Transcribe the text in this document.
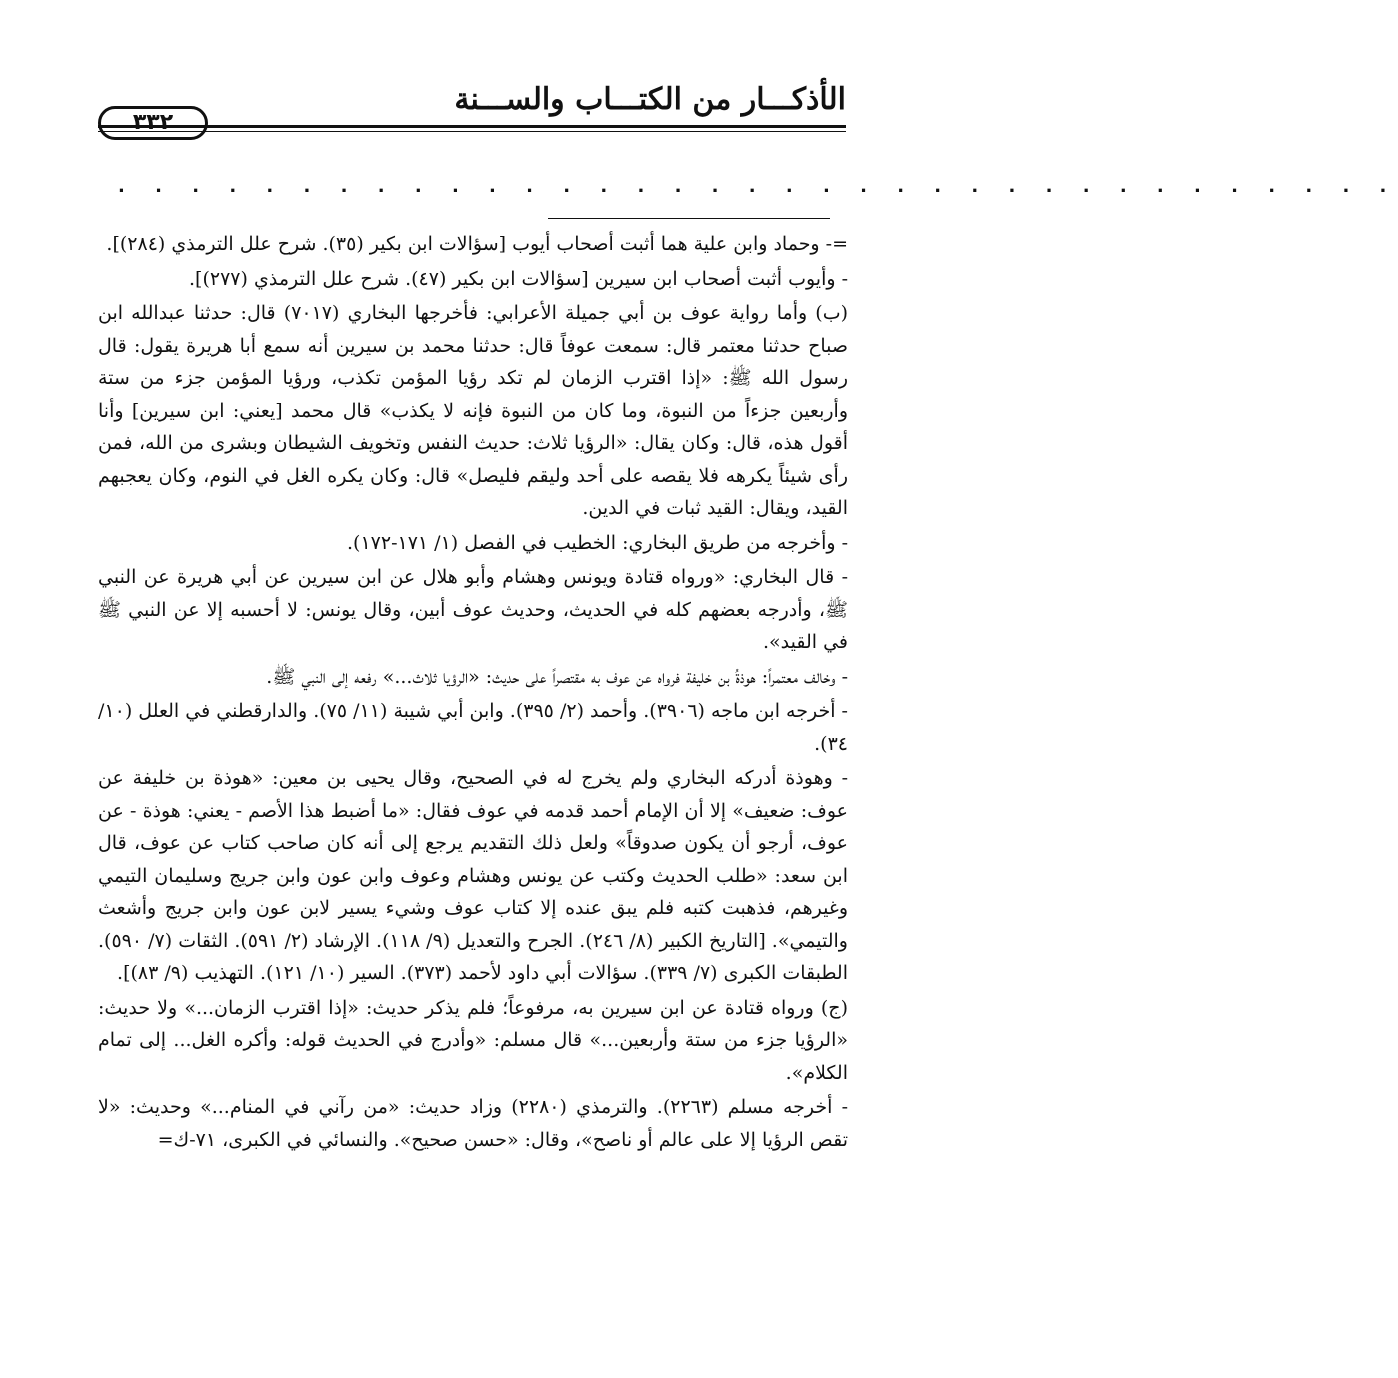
الأذكـــار من الكتـــاب والســـنة
٣٣٢
. . . . . . . . . . . . . . . . . . . . . . . . . . . . . . . . . . .

=- وحماد وابن علية هما أثبت أصحاب أيوب [سؤالات ابن بكير (٣٥). شرح علل الترمذي (٢٨٤)].

- وأيوب أثبت أصحاب ابن سيرين [سؤالات ابن بكير (٤٧). شرح علل الترمذي (٢٧٧)].

(ب) وأما رواية عوف بن أبي جميلة الأعرابي: فأخرجها البخاري (٧٠١٧) قال: حدثنا عبدالله ابن صباح حدثنا معتمر قال: سمعت عوفاً قال: حدثنا محمد بن سيرين أنه سمع أبا هريرة يقول: قال رسول الله ﷺ: «إذا اقترب الزمان لم تكد رؤيا المؤمن تكذب، ورؤيا المؤمن جزء من ستة وأربعين جزءاً من النبوة، وما كان من النبوة فإنه لا يكذب» قال محمد [يعني: ابن سيرين] وأنا أقول هذه، قال: وكان يقال: «الرؤيا ثلاث: حديث النفس وتخويف الشيطان وبشرى من الله، فمن رأى شيئاً يكرهه فلا يقصه على أحد وليقم فليصل» قال: وكان يكره الغل في النوم، وكان يعجبهم القيد، ويقال: القيد ثبات في الدين.

- وأخرجه من طريق البخاري: الخطيب في الفصل (١/ ١٧١-١٧٢).

- قال البخاري: «ورواه قتادة ويونس وهشام وأبو هلال عن ابن سيرين عن أبي هريرة عن النبي ﷺ، وأدرجه بعضهم كله في الحديث، وحديث عوف أبين، وقال يونس: لا أحسبه إلا عن النبي ﷺ في القيد».

- وخالف معتمراً: هوذةُ بن خليفة فرواه عن عوف به مقتصراً على حديث: «الرؤيا ثلاث...» رفعه إلى النبي ﷺ.

- أخرجه ابن ماجه (٣٩٠٦). وأحمد (٢/ ٣٩٥). وابن أبي شيبة (١١/ ٧٥). والدارقطني في العلل (١٠/ ٣٤).

- وهوذة أدركه البخاري ولم يخرج له في الصحيح، وقال يحيى بن معين: «هوذة بن خليفة عن عوف: ضعيف» إلا أن الإمام أحمد قدمه في عوف فقال: «ما أضبط هذا الأصم - يعني: هوذة - عن عوف، أرجو أن يكون صدوقاً» ولعل ذلك التقديم يرجع إلى أنه كان صاحب كتاب عن عوف، قال ابن سعد: «طلب الحديث وكتب عن يونس وهشام وعوف وابن عون وابن جريج وسليمان التيمي وغيرهم، فذهبت كتبه فلم يبق عنده إلا كتاب عوف وشيء يسير لابن عون وابن جريج وأشعث والتيمي». [التاريخ الكبير (٨/ ٢٤٦). الجرح والتعديل (٩/ ١١٨). الإرشاد (٢/ ٥٩١). الثقات (٧/ ٥٩٠). الطبقات الكبرى (٧/ ٣٣٩). سؤالات أبي داود لأحمد (٣٧٣). السير (١٠/ ١٢١). التهذيب (٩/ ٨٣)].

(ج) ورواه قتادة عن ابن سيرين به، مرفوعاً؛ فلم يذكر حديث: «إذا اقترب الزمان...» ولا حديث: «الرؤيا جزء من ستة وأربعين...» قال مسلم: «وأدرج في الحديث قوله: وأكره الغل... إلى تمام الكلام».

- أخرجه مسلم (٢٢٦٣). والترمذي (٢٢٨٠) وزاد حديث: «من رآني في المنام...» وحديث: «لا تقص الرؤيا إلا على عالم أو ناصح»، وقال: «حسن صحيح». والنسائي في الكبرى، ٧١-ك=
